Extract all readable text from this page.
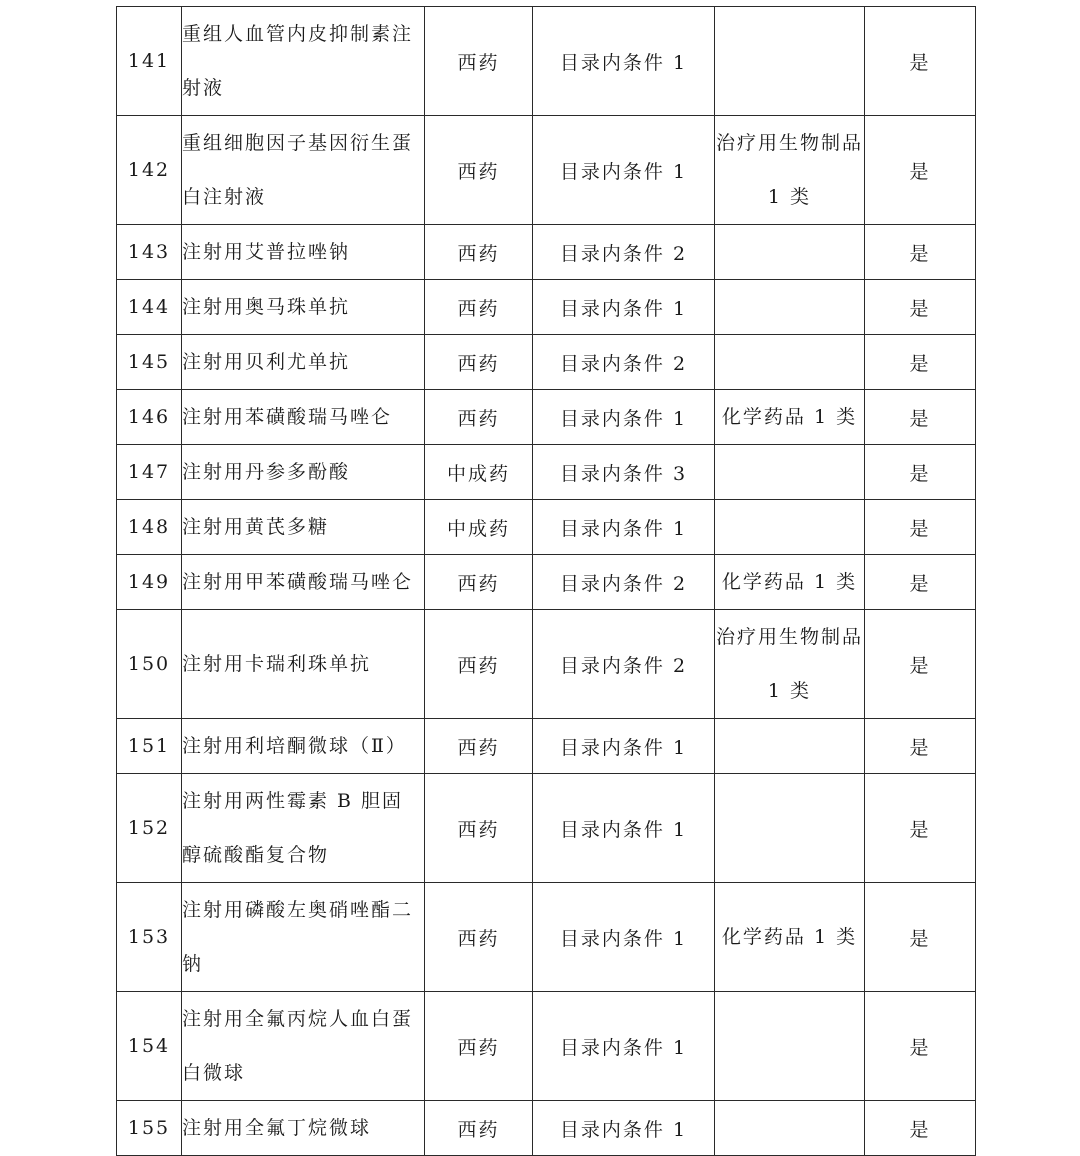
141	重组人血管内皮抑制素注射液	西药	目录内条件 1		是
142	重组细胞因子基因衍生蛋白注射液	西药	目录内条件 1	治疗用生物制品 1 类	是
143	注射用艾普拉唑钠	西药	目录内条件 2		是
144	注射用奥马珠单抗	西药	目录内条件 1		是
145	注射用贝利尤单抗	西药	目录内条件 2		是
146	注射用苯磺酸瑞马唑仑	西药	目录内条件 1	化学药品 1 类	是
147	注射用丹参多酚酸	中成药	目录内条件 3		是
148	注射用黄芪多糖	中成药	目录内条件 1		是
149	注射用甲苯磺酸瑞马唑仑	西药	目录内条件 2	化学药品 1 类	是
150	注射用卡瑞利珠单抗	西药	目录内条件 2	治疗用生物制品 1 类	是
151	注射用利培酮微球（Ⅱ）	西药	目录内条件 1		是
152	注射用两性霉素 B 胆固醇硫酸酯复合物	西药	目录内条件 1		是
153	注射用磷酸左奥硝唑酯二钠	西药	目录内条件 1	化学药品 1 类	是
154	注射用全氟丙烷人血白蛋白微球	西药	目录内条件 1		是
155	注射用全氟丁烷微球	西药	目录内条件 1		是
